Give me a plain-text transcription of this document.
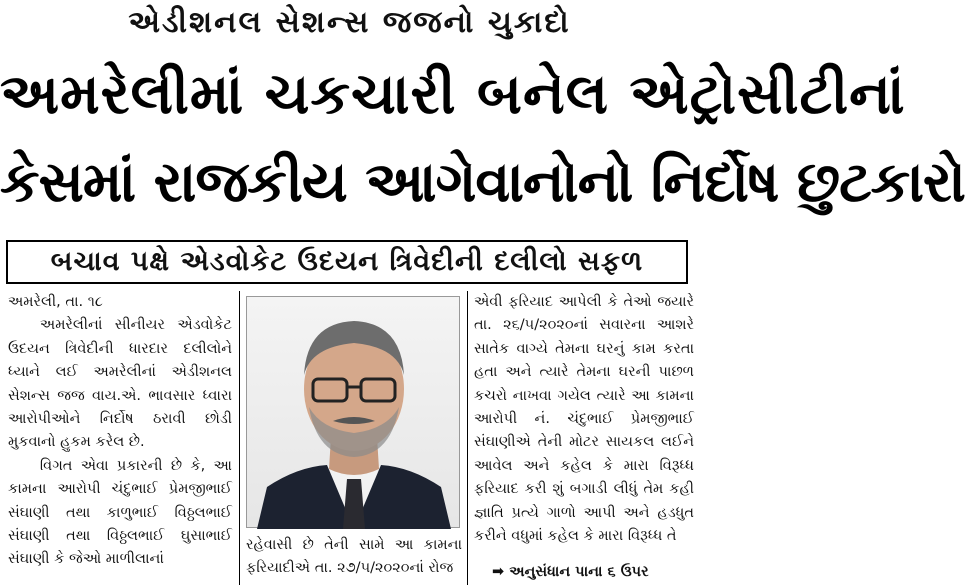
એડીશનલ સેશન્સ જજનો ચુકાદો
અમરેલીમાં ચકચારી બનેલ એટ્રોસીટીનાં
કેસમાં રાજકીય આગેવાનોનો નિર્દોષ છુટકારો
બચાવ પક્ષે એડવોકેટ ઉદયન ત્રિવેદીની દલીલો સફળ

અમરેલી, તા. ૧૮

અમરેલીનાં સીનીયર એડવોકેટ ઉદયન ત્રિવેદીની ધારદાર દલીલોને ધ્યાને લઈ અમરેલીનાં એડીશનલ સેશન્સ જજ વાય.એ. ભાવસાર ધ્વારા આરોપીઓને નિર્દોષ ઠરાવી છોડી મુકવાનો હુકમ કરેલ છે.

વિગત એવા પ્રકારની છે કે, આ કામના આરોપી ચંદુભાઈ પ્રેમજીભાઈ સંઘાણી તથા કાળુભાઈ વિઠ્ઠલભાઈ સંઘાણી તથા વિઠ્ઠલભાઈ ઘુસાભાઈ સંઘાણી કે જેઓ માળીલાનાં

રહેવાસી છે તેની સામે આ કામના ફરિયાદીએ તા. ૨૭/૫/૨૦૨૦નાં રોજ
એવી ફરિયાદ આપેલી કે તેઓ જયારે તા. ૨૬/૫/૨૦૨૦નાં સવારના આશરે સાતેક વાગ્યે તેમના ઘરનું કામ કરતા હતા અને ત્યારે તેમના ઘરની પાછળ કચરો નાખવા ગયેલ ત્યારે આ કામના આરોપી નં. ચંદુભાઈ પ્રેમજીભાઈ સંઘાણીએ તેની મોટર સાયકલ લઈને આવેલ અને કહેલ કે મારા વિરૂધ્ધ ફરિયાદ કરી શું બગાડી લીધું તેમ કહી જ્ઞાતિ પ્રત્યે ગાળો આપી અને હડધુત કરીને વધુમાં કહેલ કે મારા વિરૂધ્ધ તે
➡ અનુસંધાન પાના ૬ ઉપર
